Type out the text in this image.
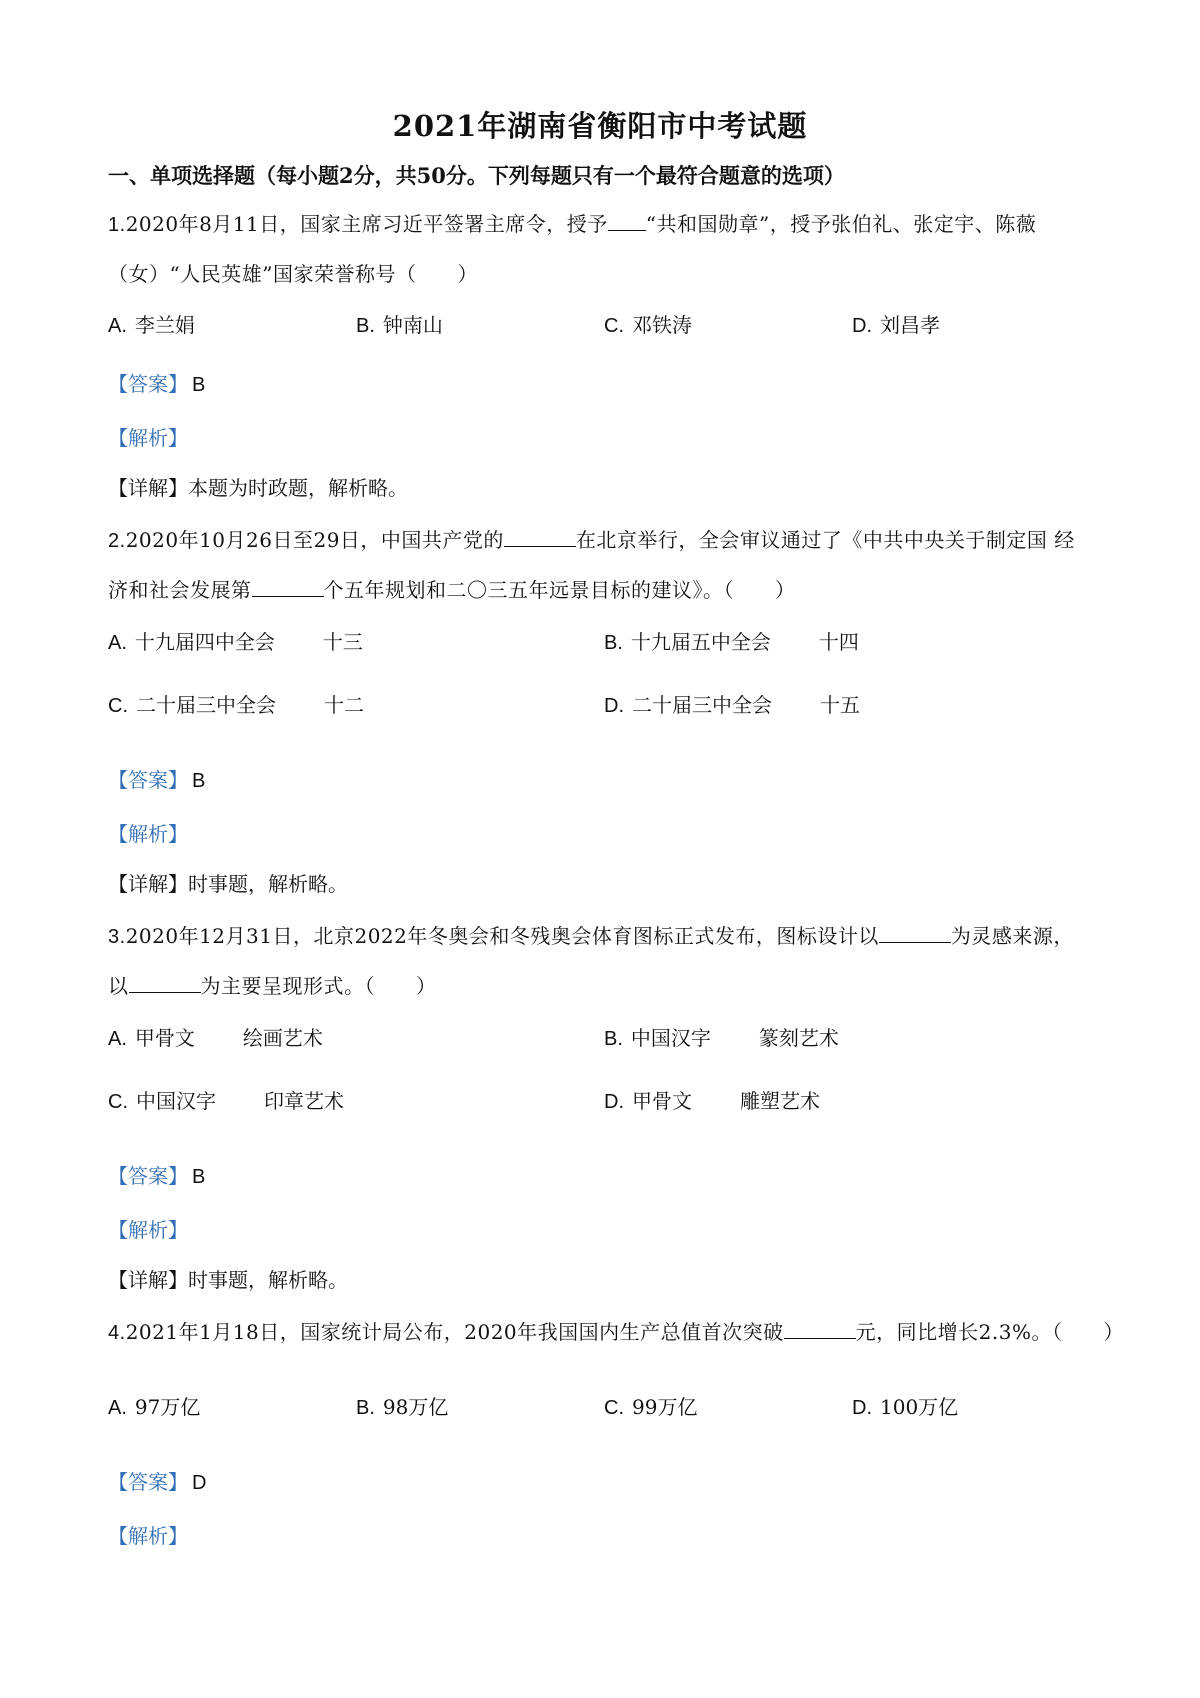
2021年湖南省衡阳市中考试题
一、单项选择题（每小题2分，共50分。下列每题只有一个最符合题意的选项）
1.2020年8月11日，国家主席习近平签署主席令，授予 “共和国勋章”，授予张伯礼、张定宇、陈薇
（女）“人民英雄”国家荣誉称号（　　）
A. 李兰娟	B. 钟南山	C. 邓铁涛	D. 刘昌孝
【答案】 B
【解析】
【详解】本题为时政题，解析略。
2.2020年10月26日至29日，中国共产党的	在北京举行，全会审议通过了《中共中央关于制定国 经
济和社会发展第	个五年规划和二〇三五年远景目标的建议》。（　　）
A. 十九届四中全会 十三	B. 十九届五中全会 十四
C. 二十届三中全会 十二	D. 二十届三中全会 十五
【答案】 B
【解析】
【详解】时事题，解析略。
3.2020年12月31日，北京2022年冬奥会和冬残奥会体育图标正式发布，图标设计以	为灵感来源，
以	为主要呈现形式。（　　）
A. 甲骨文 绘画艺术	B. 中国汉字 篆刻艺术
C. 中国汉字 印章艺术	D. 甲骨文 雕塑艺术
【答案】 B
【解析】
【详解】时事题，解析略。
4.2021年1月18日，国家统计局公布，2020年我国国内生产总值首次突破	元，同比增长2.3%。（　　）
A. 97万亿	B. 98万亿	C. 99万亿	D. 100万亿
【答案】 D
【解析】
